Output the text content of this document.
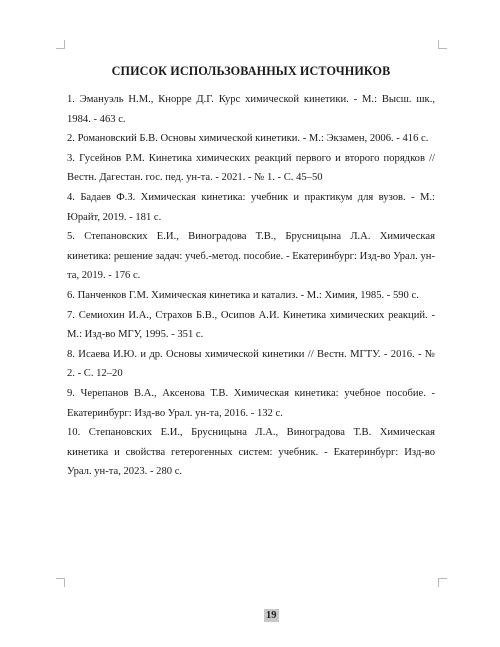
СПИСОК ИСПОЛЬЗОВАННЫХ ИСТОЧНИКОВ
1. Эмануэль Н.М., Кнорре Д.Г. Курс химической кинетики. - М.: Высш. шк., 1984. - 463 с.
2. Романовский Б.В. Основы химической кинетики. - М.: Экзамен, 2006. - 416 с.
3. Гусейнов Р.М. Кинетика химических реакций первого и второго порядков // Вестн. Дагестан. гос. пед. ун-та. - 2021. - № 1. - С. 45–50
4. Бадаев Ф.З. Химическая кинетика: учебник и практикум для вузов. - М.: Юрайт, 2019. - 181 с.
5. Степановских Е.И., Виноградова Т.В., Брусницына Л.А. Химическая кинетика: решение задач: учеб.-метод. пособие. - Екатеринбург: Изд-во Урал. ун-та, 2019. - 176 с.
6. Панченков Г.М. Химическая кинетика и катализ. - М.: Химия, 1985. - 590 с.
7. Семиохин И.А., Страхов Б.В., Осипов А.И. Кинетика химических реакций. - М.: Изд-во МГУ, 1995. - 351 с.
8. Исаева И.Ю. и др. Основы химической кинетики // Вестн. МГТУ. - 2016. - № 2. - С. 12–20
9. Черепанов В.А., Аксенова Т.В. Химическая кинетика: учебное пособие. - Екатеринбург: Изд-во Урал. ун-та, 2016. - 132 с.
10. Степановских Е.И., Брусницына Л.А., Виноградова Т.В. Химическая кинетика и свойства гетерогенных систем: учебник. - Екатеринбург: Изд-во Урал. ун-та, 2023. - 280 с.
19
